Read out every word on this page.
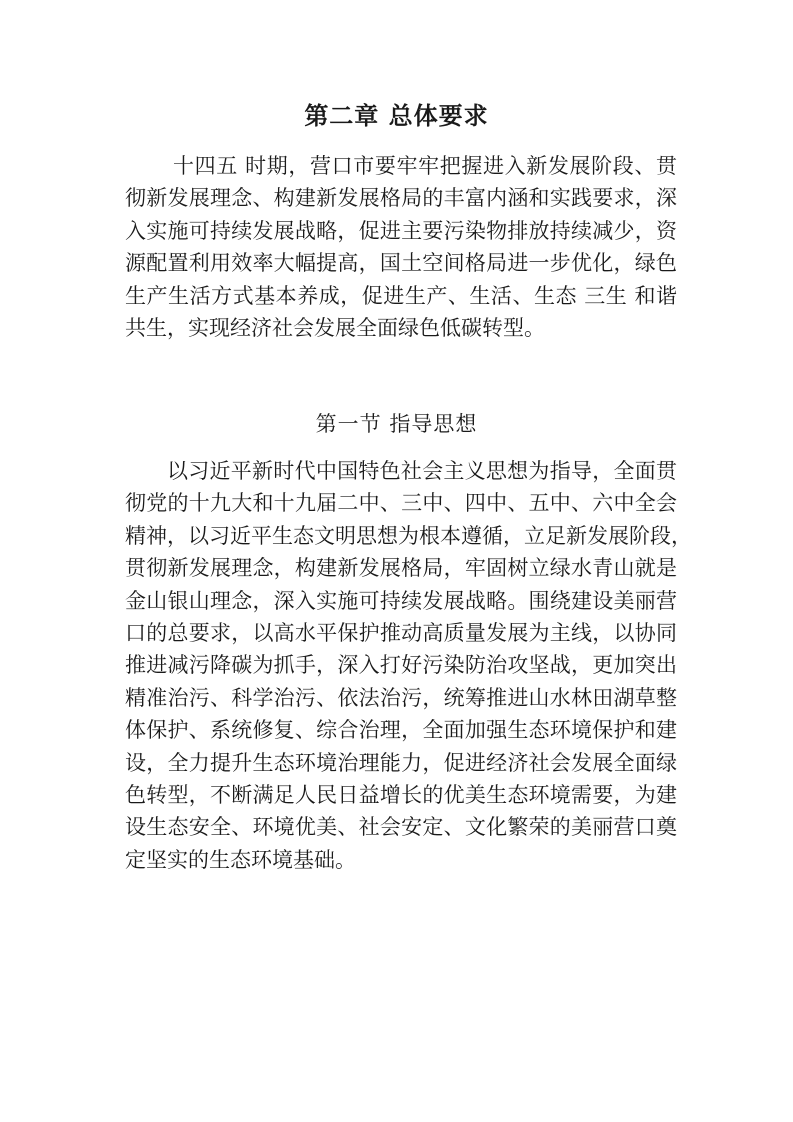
第二章 总体要求
十四五 时期，营口市要牢牢把握进入新发展阶段、贯
彻新发展理念、构建新发展格局的丰富内涵和实践要求，深
入实施可持续发展战略，促进主要污染物排放持续减少，资
源配置利用效率大幅提高，国土空间格局进一步优化，绿色
生产生活方式基本养成，促进生产、生活、生态 三生 和谐
共生，实现经济社会发展全面绿色低碳转型。
第一节 指导思想
以习近平新时代中国特色社会主义思想为指导，全面贯
彻党的十九大和十九届二中、三中、四中、五中、六中全会
精神，以习近平生态文明思想为根本遵循，立足新发展阶段，
贯彻新发展理念，构建新发展格局，牢固树立绿水青山就是
金山银山理念，深入实施可持续发展战略。围绕建设美丽营
口的总要求，以高水平保护推动高质量发展为主线，以协同
推进减污降碳为抓手，深入打好污染防治攻坚战，更加突出
精准治污、科学治污、依法治污，统筹推进山水林田湖草整
体保护、系统修复、综合治理，全面加强生态环境保护和建
设，全力提升生态环境治理能力，促进经济社会发展全面绿
色转型，不断满足人民日益增长的优美生态环境需要，为建
设生态安全、环境优美、社会安定、文化繁荣的美丽营口奠
定坚实的生态环境基础。
